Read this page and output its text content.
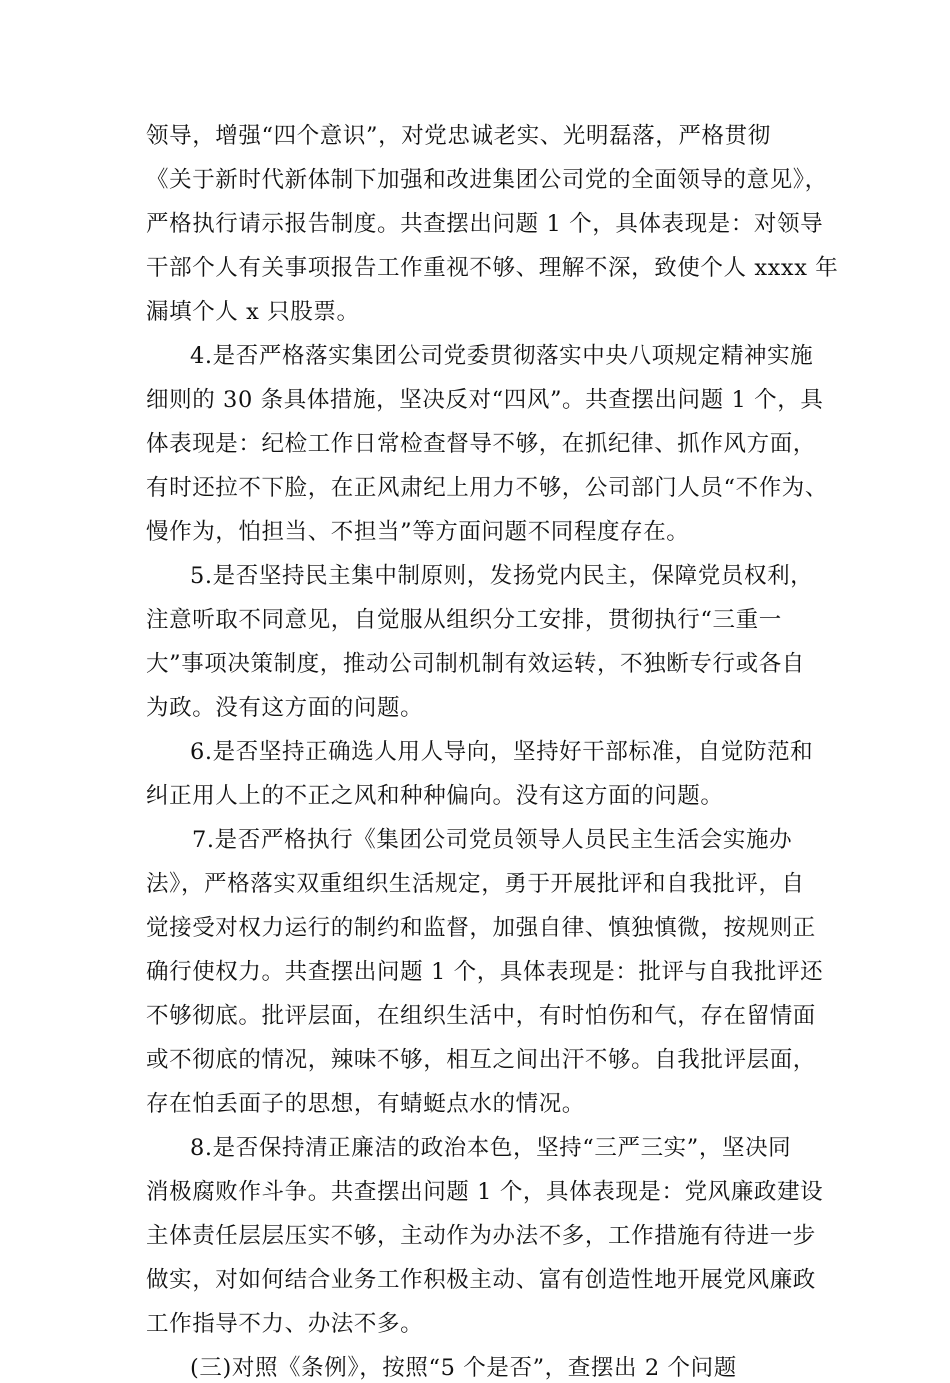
领导，增强“四个意识”，对党忠诚老实、光明磊落，严格贯彻
《关于新时代新体制下加强和改进集团公司党的全面领导的意见》，
严格执行请示报告制度。共查摆出问题 1 个，具体表现是：对领导
干部个人有关事项报告工作重视不够、理解不深，致使个人 xxxx 年
漏填个人 x 只股票。
4.是否严格落实集团公司党委贯彻落实中央八项规定精神实施
细则的 30 条具体措施，坚决反对“四风”。共查摆出问题 1 个，具
体表现是：纪检工作日常检查督导不够，在抓纪律、抓作风方面，
有时还拉不下脸，在正风肃纪上用力不够，公司部门人员“不作为、
慢作为，怕担当、不担当”等方面问题不同程度存在。
5.是否坚持民主集中制原则，发扬党内民主，保障党员权利，
注意听取不同意见，自觉服从组织分工安排，贯彻执行“三重一
大”事项决策制度，推动公司制机制有效运转，不独断专行或各自
为政。没有这方面的问题。
6.是否坚持正确选人用人导向，坚持好干部标准，自觉防范和
纠正用人上的不正之风和种种偏向。没有这方面的问题。
7.是否严格执行《集团公司党员领导人员民主生活会实施办
法》，严格落实双重组织生活规定，勇于开展批评和自我批评，自
觉接受对权力运行的制约和监督，加强自律、慎独慎微，按规则正
确行使权力。共查摆出问题 1 个，具体表现是：批评与自我批评还
不够彻底。批评层面，在组织生活中，有时怕伤和气，存在留情面
或不彻底的情况，辣味不够，相互之间出汗不够。自我批评层面，
存在怕丢面子的思想，有蜻蜓点水的情况。
8.是否保持清正廉洁的政治本色，坚持“三严三实”，坚决同
消极腐败作斗争。共查摆出问题 1 个，具体表现是：党风廉政建设
主体责任层层压实不够，主动作为办法不多，工作措施有待进一步
做实，对如何结合业务工作积极主动、富有创造性地开展党风廉政
工作指导不力、办法不多。
(三)对照《条例》，按照“5 个是否”，查摆出 2 个问题
